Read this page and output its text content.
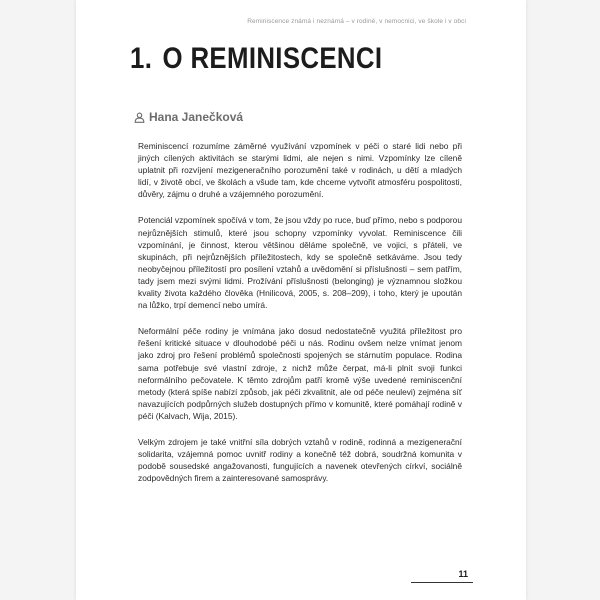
Reminiscence známá i neznámá – v rodině, v nemocnici, ve škole i v obci
1. O REMINISCENCI
Hana Janečková

Reminiscencí rozumíme záměrné využívání vzpomínek v péči o staré lidi nebo při jiných cílených aktivitách se starými lidmi, ale nejen s nimi. Vzpomínky lze cíleně uplatnit při rozvíjení mezigeneračního porozumění také v rodinách, u dětí a mladých lidí, v životě obcí, ve školách a všude tam, kde chceme vytvořit atmosféru pospolitosti, důvěry, zájmu o druhé a vzájemného porozumění.

Potenciál vzpomínek spočívá v tom, že jsou vždy po ruce, buď přímo, nebo s podporou nejrůznějších stimulů, které jsou schopny vzpomínky vyvolat. Reminiscence čili vzpomínání, je činnost, kterou většinou děláme společně, ve vojici, s přáteli, ve skupinách, při nejrůznějších příležitostech, kdy se společně setkáváme. Jsou tedy neobyčejnou příležitostí pro posílení vztahů a uvědomění si příslušnosti – sem patřím, tady jsem mezi svými lidmi. Prožívání příslušnosti (belonging) je významnou složkou kvality života každého člověka (Hnilicová, 2005, s. 208–209), i toho, který je upoután na lůžko, trpí demencí nebo umírá.

Neformální péče rodiny je vnímána jako dosud nedostatečně využitá příležitost pro řešení kritické situace v dlouhodobé péči u nás. Rodinu ovšem nelze vnímat jenom jako zdroj pro řešení problémů společnosti spojených se stárnutím populace. Rodina sama potřebuje své vlastní zdroje, z nichž může čerpat, má-li plnit svoji funkci neformálního pečovatele. K těmto zdrojům patří kromě výše uvedené reminiscenční metody (která spíše nabízí způsob, jak péči zkvalitnit, ale od péče neulevi) zejména síť navazujících podpůrných služeb dostupných přímo v komunitě, které pomáhají rodině v péči (Kalvach, Wija, 2015).

Velkým zdrojem je také vnitřní síla dobrých vztahů v rodině, rodinná a mezigenerační solidarita, vzájemná pomoc uvnitř rodiny a konečně též dobrá, soudržná komunita v podobě sousedské angažovanosti, fungujících a navenek otevřených církví, sociálně zodpovědných firem a zainteresované samosprávy.

11
